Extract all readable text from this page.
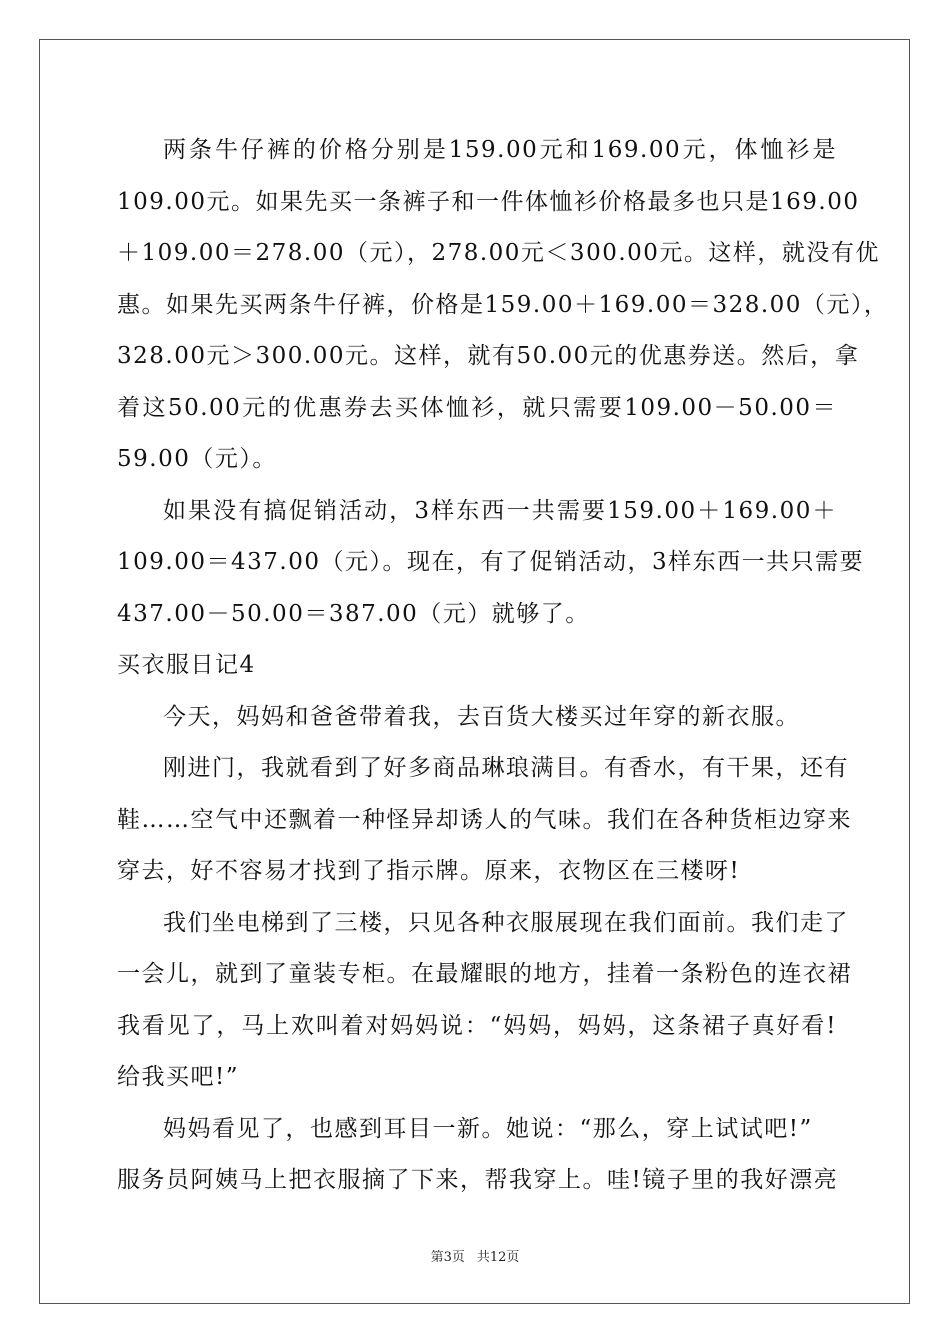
两条牛仔裤的价格分别是159.00元和169.00元，体恤衫是
109.00元。如果先买一条裤子和一件体恤衫价格最多也只是169.00
＋109.00＝278.00（元），278.00元＜300.00元。这样，就没有优
惠。如果先买两条牛仔裤，价格是159.00＋169.00＝328.00（元），
328.00元＞300.00元。这样，就有50.00元的优惠券送。然后，拿
着这50.00元的优惠券去买体恤衫，就只需要109.00－50.00＝
59.00（元）。
如果没有搞促销活动，3样东西一共需要159.00＋169.00＋
109.00＝437.00（元）。现在，有了促销活动，3样东西一共只需要
437.00－50.00＝387.00（元）就够了。
买衣服日记4
今天，妈妈和爸爸带着我，去百货大楼买过年穿的新衣服。
刚进门，我就看到了好多商品琳琅满目。有香水，有干果，还有
鞋……空气中还飘着一种怪异却诱人的气味。我们在各种货柜边穿来
穿去，好不容易才找到了指示牌。原来，衣物区在三楼呀!
我们坐电梯到了三楼，只见各种衣服展现在我们面前。我们走了
一会儿，就到了童装专柜。在最耀眼的地方，挂着一条粉色的连衣裙
我看见了，马上欢叫着对妈妈说：“妈妈，妈妈，这条裙子真好看!
给我买吧!”
妈妈看见了，也感到耳目一新。她说：“那么，穿上试试吧!”
服务员阿姨马上把衣服摘了下来，帮我穿上。哇!镜子里的我好漂亮
第3页 共12页
